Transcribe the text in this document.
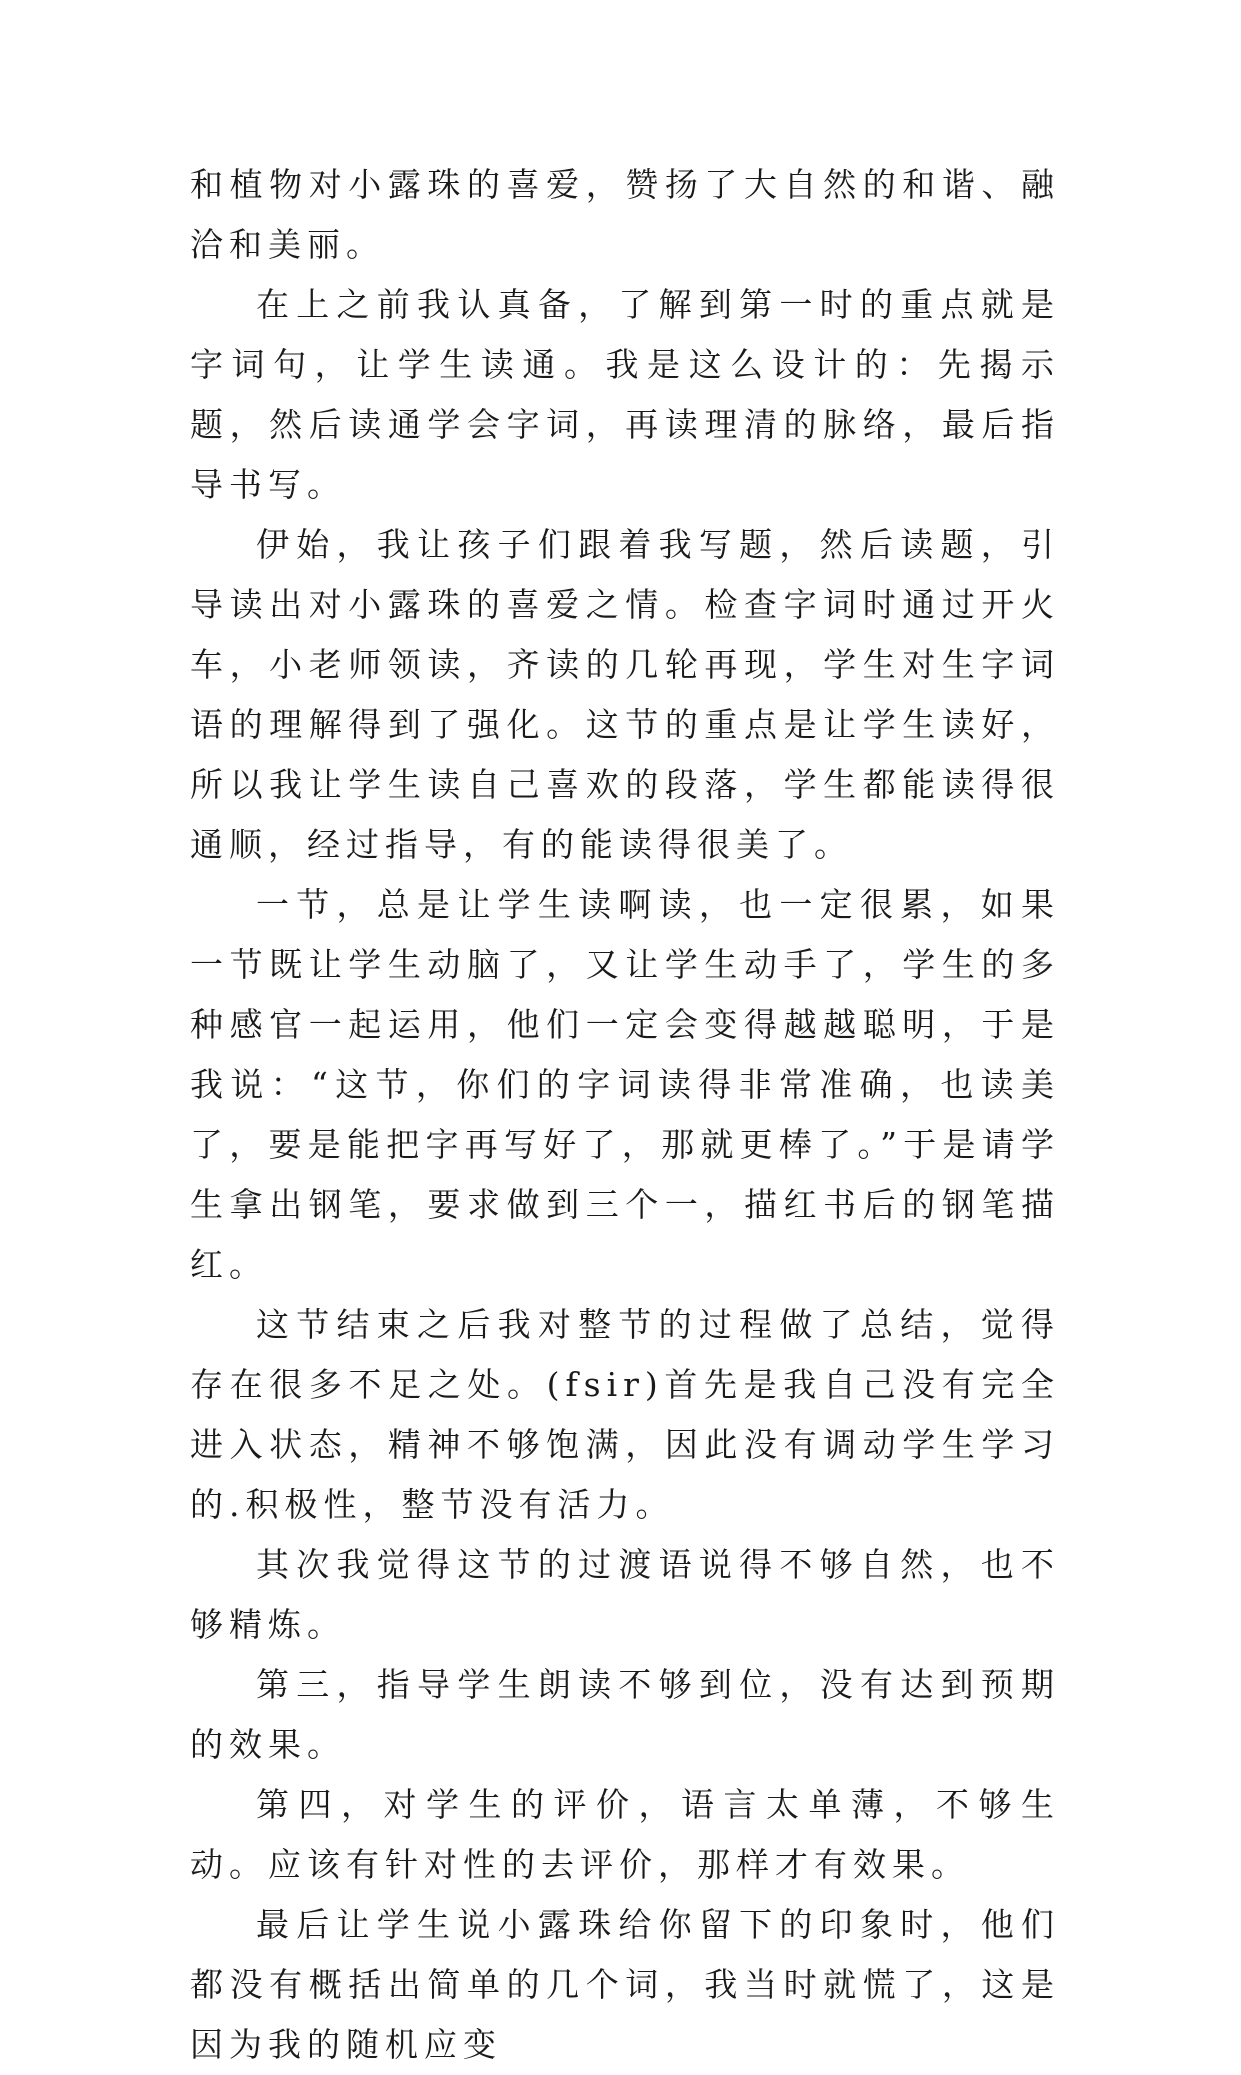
和植物对小露珠的喜爱，赞扬了大自然的和谐、融洽和美丽。

在上之前我认真备，了解到第一时的重点就是字词句，让学生读通。我是这么设计的：先揭示题，然后读通学会字词，再读理清的脉络，最后指导书写。

伊始，我让孩子们跟着我写题，然后读题，引导读出对小露珠的喜爱之情。检查字词时通过开火车，小老师领读，齐读的几轮再现，学生对生字词语的理解得到了强化。这节的重点是让学生读好，所以我让学生读自己喜欢的段落，学生都能读得很通顺，经过指导，有的能读得很美了。

一节，总是让学生读啊读，也一定很累，如果一节既让学生动脑了，又让学生动手了，学生的多种感官一起运用，他们一定会变得越越聪明，于是我说：“这节，你们的字词读得非常准确，也读美了，要是能把字再写好了，那就更棒了。”于是请学生拿出钢笔，要求做到三个一，描红书后的钢笔描红。

这节结束之后我对整节的过程做了总结，觉得存在很多不足之处。(fsir)首先是我自己没有完全进入状态，精神不够饱满，因此没有调动学生学习的.积极性，整节没有活力。

其次我觉得这节的过渡语说得不够自然，也不够精炼。

第三，指导学生朗读不够到位，没有达到预期的效果。

第四，对学生的评价，语言太单薄，不够生动。应该有针对性的去评价，那样才有效果。

最后让学生说小露珠给你留下的印象时，他们都没有概括出简单的几个词，我当时就慌了，这是因为我的随机应变
